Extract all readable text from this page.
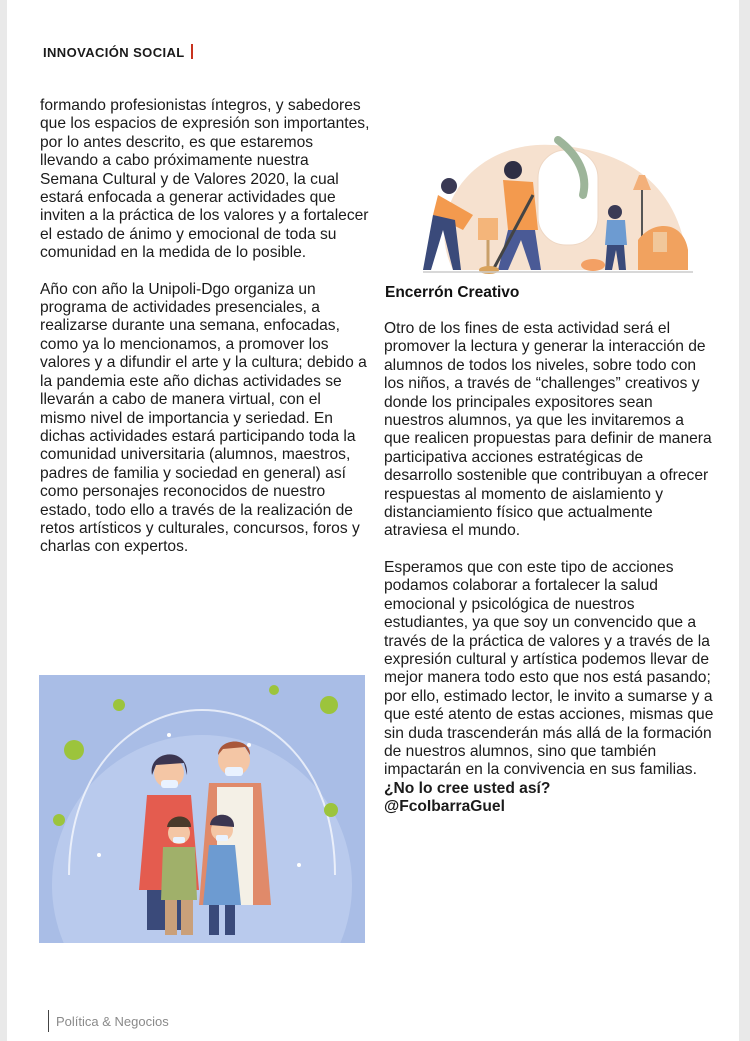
INNOVACIÓN SOCIAL

formando profesionistas íntegros, y sabedores que los espacios de expresión son importantes, por lo antes descrito, es que estaremos llevando a cabo próximamente nuestra Semana Cultural y de Valores 2020, la cual estará enfocada a generar actividades que inviten a la práctica de los valores y a fortalecer el estado de ánimo y emocional de toda su comunidad en la medida de lo posible.

Año con año la Unipoli-Dgo organiza un programa de actividades presenciales, a realizarse durante una semana, enfocadas, como ya lo mencionamos, a promover los valores y a difundir el arte y la cultura; debido a la pandemia este año dichas actividades se llevarán a cabo de manera virtual, con el mismo nivel de importancia y seriedad. En dichas actividades estará participando toda la comunidad universitaria (alumnos, maestros, padres de familia y sociedad en general) así como personajes reconocidos de nuestro estado, todo ello a través de la realización de retos artísticos y culturales, concursos, foros y charlas con expertos.

Encerrón Creativo

Otro de los fines de esta actividad será el promover la lectura y generar la interacción de alumnos de todos los niveles, sobre todo con los niños, a través de “challenges” creativos y donde los principales expositores sean nuestros alumnos, ya que les invitaremos a que realicen propuestas para definir de manera participativa acciones estratégicas de desarrollo sostenible que contribuyan a ofrecer respuestas al momento de aislamiento y distanciamiento físico que actualmente atraviesa el mundo.

Esperamos que con este tipo de acciones podamos colaborar a fortalecer la salud emocional y psicológica de nuestros estudiantes, ya que soy un convencido que a través de la práctica de valores y a través de la expresión cultural y artística podemos llevar de mejor manera todo esto que nos está pasando; por ello, estimado lector, le invito a sumarse y a que esté atento de estas acciones, mismas que sin duda trascenderán más allá de la formación de nuestros alumnos, sino que también impactarán en la convivencia en sus familias.

¿No lo cree usted así?

@FcoIbarraGuel

Política & Negocios
